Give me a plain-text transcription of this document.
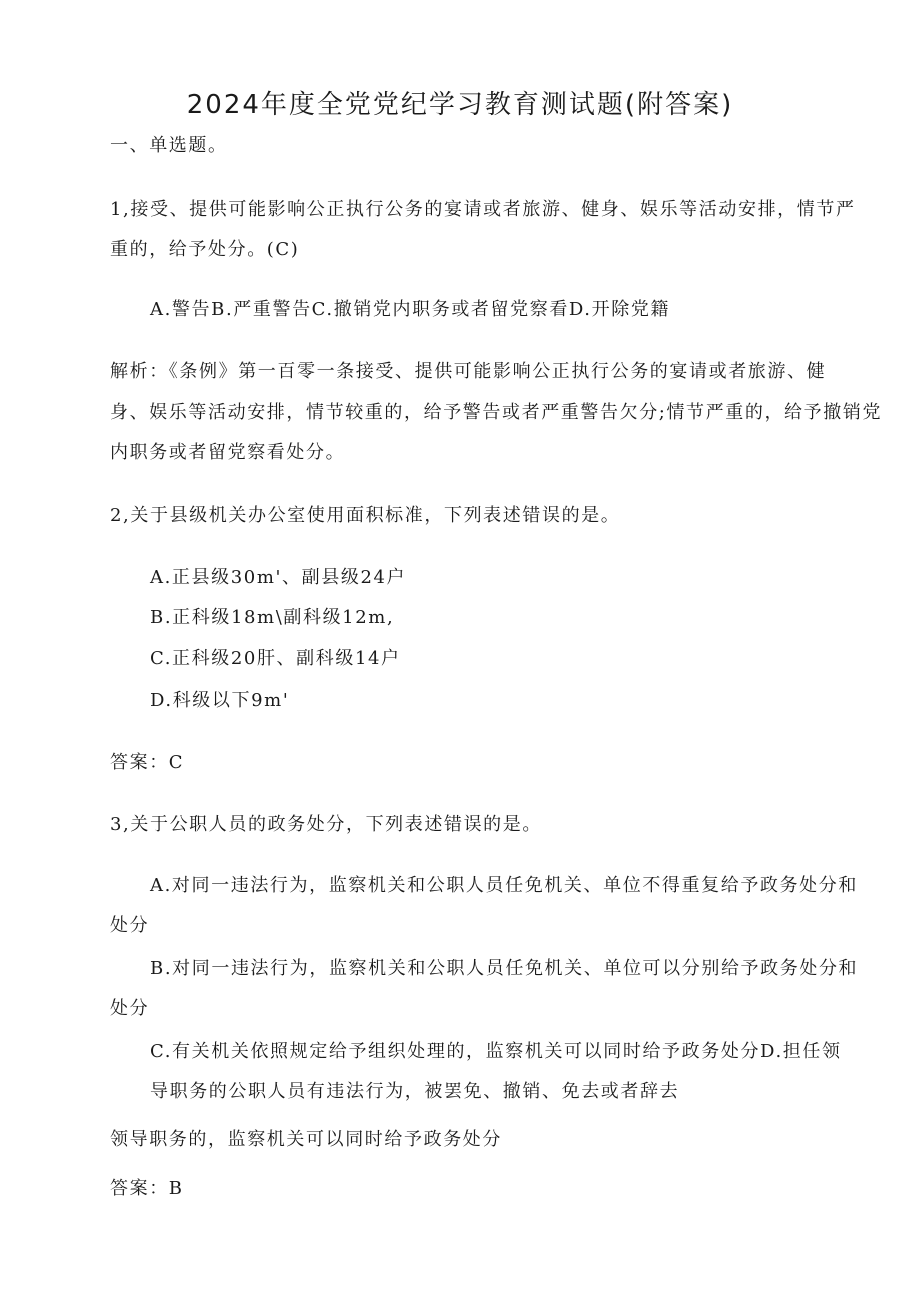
2024年度全党党纪学习教育测试题(附答案)
一、单选题。
1,接受、提供可能影响公正执行公务的宴请或者旅游、健身、娱乐等活动安排，情节严
重的，给予处分。(C)
A.警告B.严重警告C.撤销党内职务或者留党察看D.开除党籍
解析：《条例》第一百零一条接受、提供可能影响公正执行公务的宴请或者旅游、健
身、娱乐等活动安排，情节较重的，给予警告或者严重警告欠分;情节严重的，给予撤销党
内职务或者留党察看处分。
2,关于县级机关办公室使用面积标准，下列表述错误的是。
A.正县级30m'、副县级24户
B.正科级18m\副科级12m,
C.正科级20肝、副科级14户
D.科级以下9m'
答案：C
3,关于公职人员的政务处分，下列表述错误的是。
A.对同一违法行为，监察机关和公职人员任免机关、单位不得重复给予政务处分和
处分
B.对同一违法行为，监察机关和公职人员任免机关、单位可以分别给予政务处分和
处分
C.有关机关依照规定给予组织处理的，监察机关可以同时给予政务处分D.担任领
导职务的公职人员有违法行为，被罢免、撤销、免去或者辞去
领导职务的，监察机关可以同时给予政务处分
答案：B
